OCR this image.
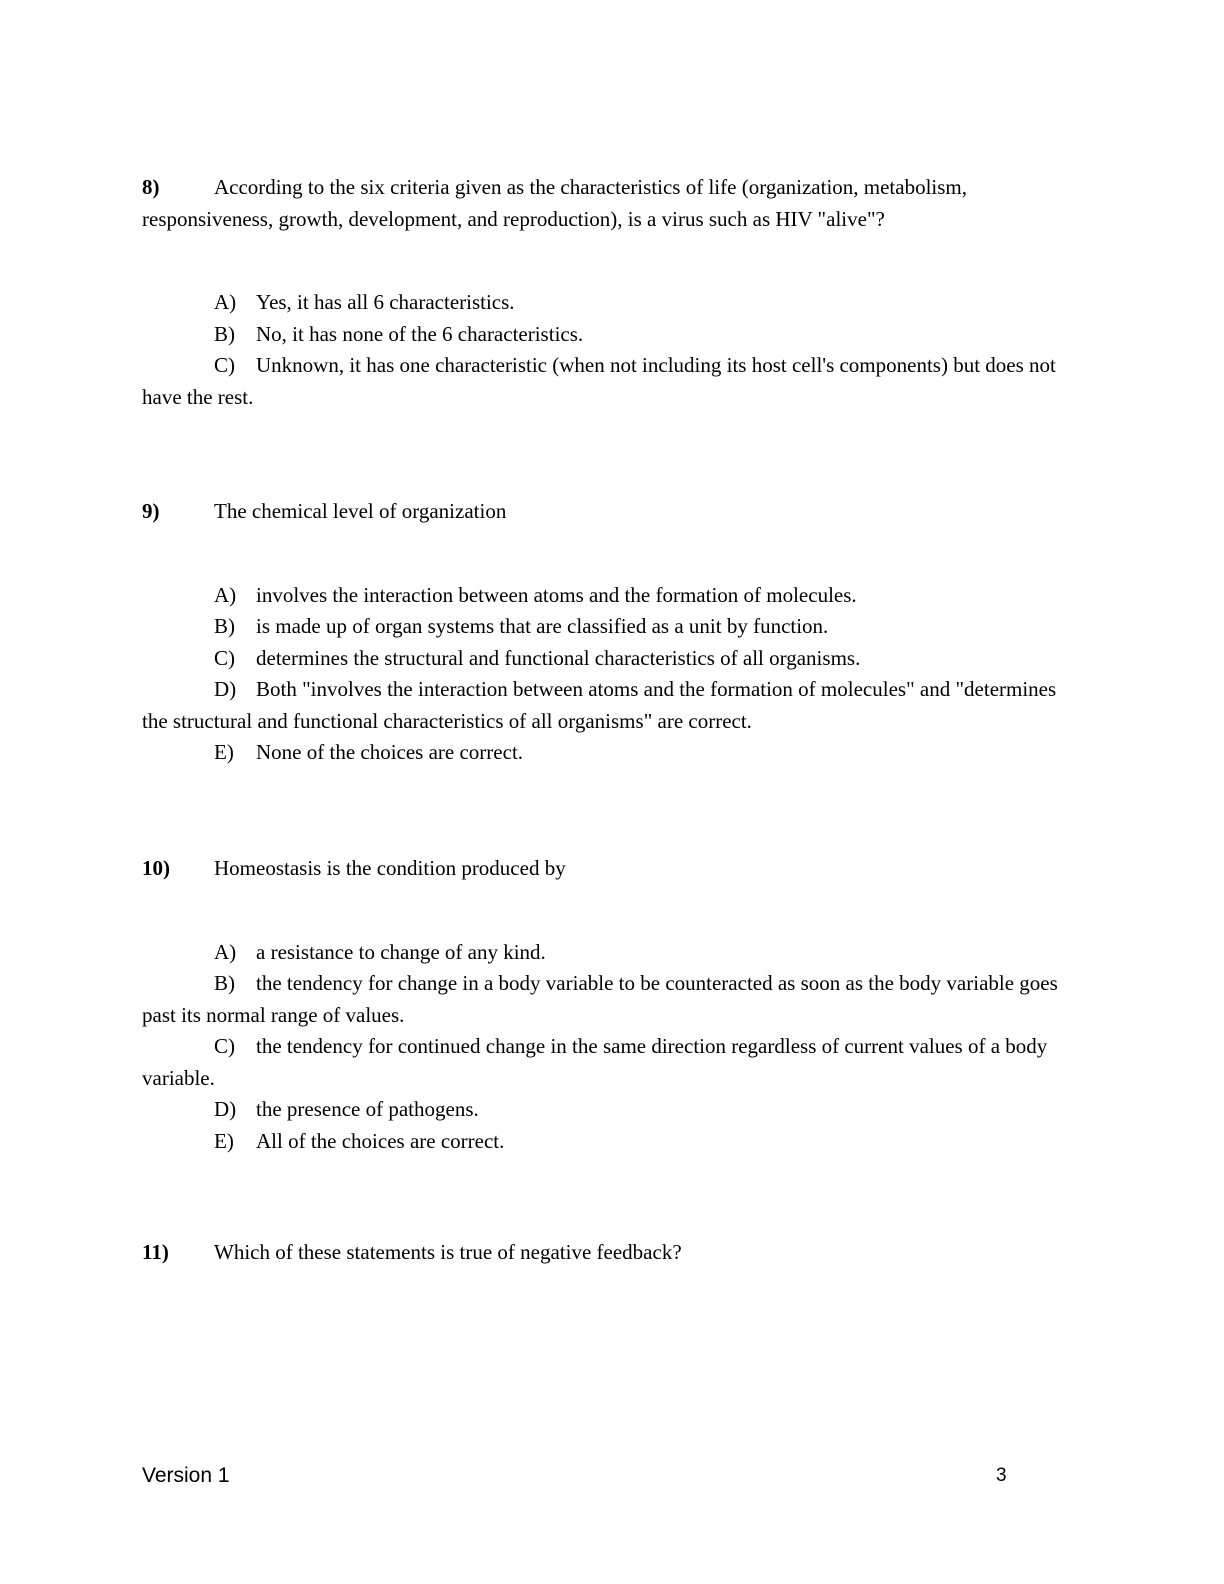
8)	According to the six criteria given as the characteristics of life (organization, metabolism, responsiveness, growth, development, and reproduction), is a virus such as HIV "alive"?

A) Yes, it has all 6 characteristics.

B) No, it has none of the 6 characteristics.

C) Unknown, it has one characteristic (when not including its host cell's components) but does not have the rest.

9)	The chemical level of organization

A) involves the interaction between atoms and the formation of molecules.

B) is made up of organ systems that are classified as a unit by function.

C) determines the structural and functional characteristics of all organisms.

D) Both "involves the interaction between atoms and the formation of molecules" and "determines the structural and functional characteristics of all organisms" are correct.

E) None of the choices are correct.

10) Homeostasis is the condition produced by

A) a resistance to change of any kind.

B) the tendency for change in a body variable to be counteracted as soon as the body variable goes past its normal range of values.

C) the tendency for continued change in the same direction regardless of current values of a body variable.

D) the presence of pathogens.

E) All of the choices are correct.

11) Which of these statements is true of negative feedback?

Version 1	3
